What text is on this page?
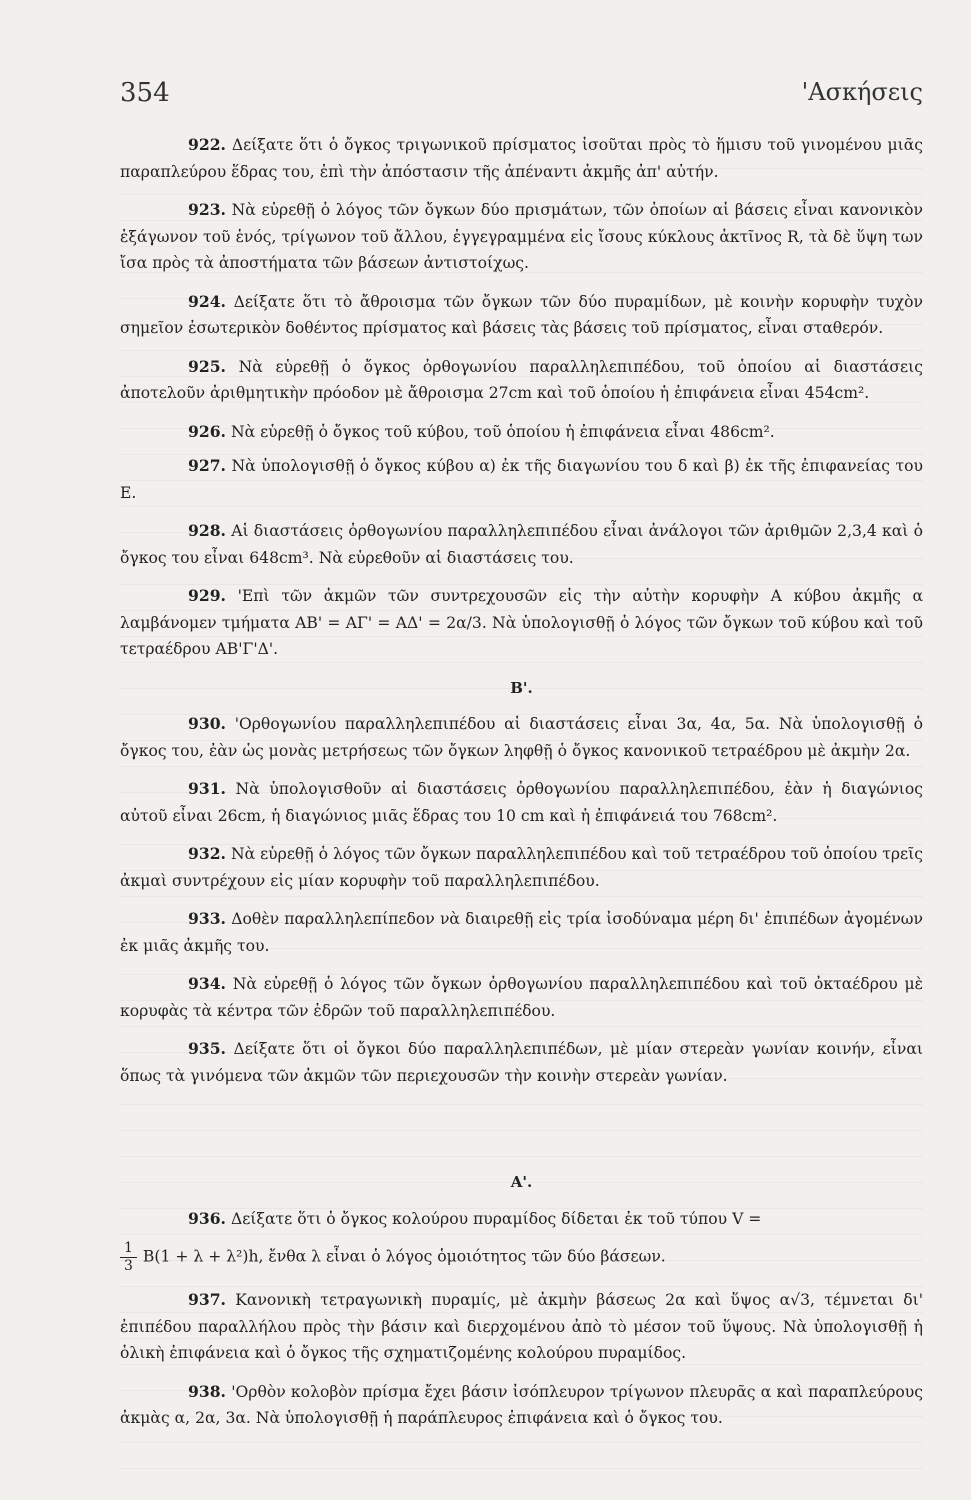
354	'Ασκήσεις

922. Δείξατε ὅτι ὁ ὄγκος τριγωνικοῦ πρίσματος ἰσοῦται πρὸς τὸ ἥμισυ τοῦ γινομένου μιᾶς παραπλεύρου ἕδρας του, ἐπὶ τὴν ἀπόστασιν τῆς ἀπέναντι ἀκμῆς ἀπ' αὐτήν.

923. Νὰ εὑρεθῇ ὁ λόγος τῶν ὄγκων δύο πρισμάτων, τῶν ὁποίων αἱ βάσεις εἶναι κανονικὸν ἑξάγωνον τοῦ ἑνός, τρίγωνον τοῦ ἄλλου, ἐγγεγραμμένα εἰς ἴσους κύκλους ἀκτῖνος R, τὰ δὲ ὕψη των ἴσα πρὸς τὰ ἀποστήματα τῶν βάσεων ἀντιστοίχως.

924. Δείξατε ὅτι τὸ ἄθροισμα τῶν ὄγκων τῶν δύο πυραμίδων, μὲ κοινὴν κορυφὴν τυχὸν σημεῖον ἐσωτερικὸν δοθέντος πρίσματος καὶ βάσεις τὰς βάσεις τοῦ πρίσματος, εἶναι σταθερόν.

925. Νὰ εὑρεθῇ ὁ ὄγκος ὀρθογωνίου παραλληλεπιπέδου, τοῦ ὁποίου αἱ διαστάσεις ἀποτελοῦν ἀριθμητικὴν πρόοδον μὲ ἄθροισμα 27cm καὶ τοῦ ὁποίου ἡ ἐπιφάνεια εἶναι 454cm².

926. Νὰ εὑρεθῇ ὁ ὄγκος τοῦ κύβου, τοῦ ὁποίου ἡ ἐπιφάνεια εἶναι 486cm².

927. Νὰ ὑπολογισθῇ ὁ ὄγκος κύβου α) ἐκ τῆς διαγωνίου του δ καὶ β) ἐκ τῆς ἐπιφανείας του Ε.

928. Αἱ διαστάσεις ὀρθογωνίου παραλληλεπιπέδου εἶναι ἀνάλογοι τῶν ἀριθμῶν 2,3,4 καὶ ὁ ὄγκος του εἶναι 648cm³. Νὰ εὑρεθοῦν αἱ διαστάσεις του.

929. 'Επὶ τῶν ἀκμῶν τῶν συντρεχουσῶν εἰς τὴν αὐτὴν κορυφὴν Α κύβου ἀκμῆς α λαμβάνομεν τμήματα ΑΒ' = ΑΓ' = ΑΔ' = 2α/3. Νὰ ὑπολογισθῇ ὁ λόγος τῶν ὄγκων τοῦ κύβου καὶ τοῦ τετραέδρου ΑΒ'Γ'Δ'.

Β'.

930. 'Ορθογωνίου παραλληλεπιπέδου αἱ διαστάσεις εἶναι 3α, 4α, 5α. Νὰ ὑπολογισθῇ ὁ ὄγκος του, ἐὰν ὡς μονὰς μετρήσεως τῶν ὄγκων ληφθῇ ὁ ὄγκος κανονικοῦ τετραέδρου μὲ ἀκμὴν 2α.

931. Νὰ ὑπολογισθοῦν αἱ διαστάσεις ὀρθογωνίου παραλληλεπιπέδου, ἐὰν ἡ διαγώνιος αὐτοῦ εἶναι 26cm, ἡ διαγώνιος μιᾶς ἕδρας του 10 cm καὶ ἡ ἐπιφάνειά του 768cm².

932. Νὰ εὑρεθῇ ὁ λόγος τῶν ὄγκων παραλληλεπιπέδου καὶ τοῦ τετραέδρου τοῦ ὁποίου τρεῖς ἀκμαὶ συντρέχουν εἰς μίαν κορυφὴν τοῦ παραλληλεπιπέδου.

933. Δοθὲν παραλληλεπίπεδον νὰ διαιρεθῇ εἰς τρία ἰσοδύναμα μέρη δι' ἐπιπέδων ἀγομένων ἐκ μιᾶς ἀκμῆς του.

934. Νὰ εὑρεθῇ ὁ λόγος τῶν ὄγκων ὀρθογωνίου παραλληλεπιπέδου καὶ τοῦ ὀκταέδρου μὲ κορυφὰς τὰ κέντρα τῶν ἑδρῶν τοῦ παραλληλεπιπέδου.

935. Δείξατε ὅτι οἱ ὄγκοι δύο παραλληλεπιπέδων, μὲ μίαν στερεὰν γωνίαν κοινήν, εἶναι ὅπως τὰ γινόμενα τῶν ἀκμῶν τῶν περιεχουσῶν τὴν κοινὴν στερεὰν γωνίαν.

Α'.

936. Δείξατε ὅτι ὁ ὄγκος κολούρου πυραμίδος δίδεται ἐκ τοῦ τύπου V =

$\frac{1}{3} B(1 + \lambda + \lambda^2)h$, ἔνθα λ εἶναι ὁ λόγος ὁμοιότητος τῶν δύο βάσεων.

937. Κανονικὴ τετραγωνικὴ πυραμίς, μὲ ἀκμὴν βάσεως 2α καὶ ὕψος α√3, τέμνεται δι' ἐπιπέδου παραλλήλου πρὸς τὴν βάσιν καὶ διερχομένου ἀπὸ τὸ μέσον τοῦ ὕψους. Νὰ ὑπολογισθῇ ἡ ὁλικὴ ἐπιφάνεια καὶ ὁ ὄγκος τῆς σχηματιζομένης κολούρου πυραμίδος.

938. 'Ορθὸν κολοβὸν πρίσμα ἔχει βάσιν ἰσόπλευρον τρίγωνον πλευρᾶς α καὶ παραπλεύρους ἀκμὰς α, 2α, 3α. Νὰ ὑπολογισθῇ ἡ παράπλευρος ἐπιφάνεια καὶ ὁ ὄγκος του.
